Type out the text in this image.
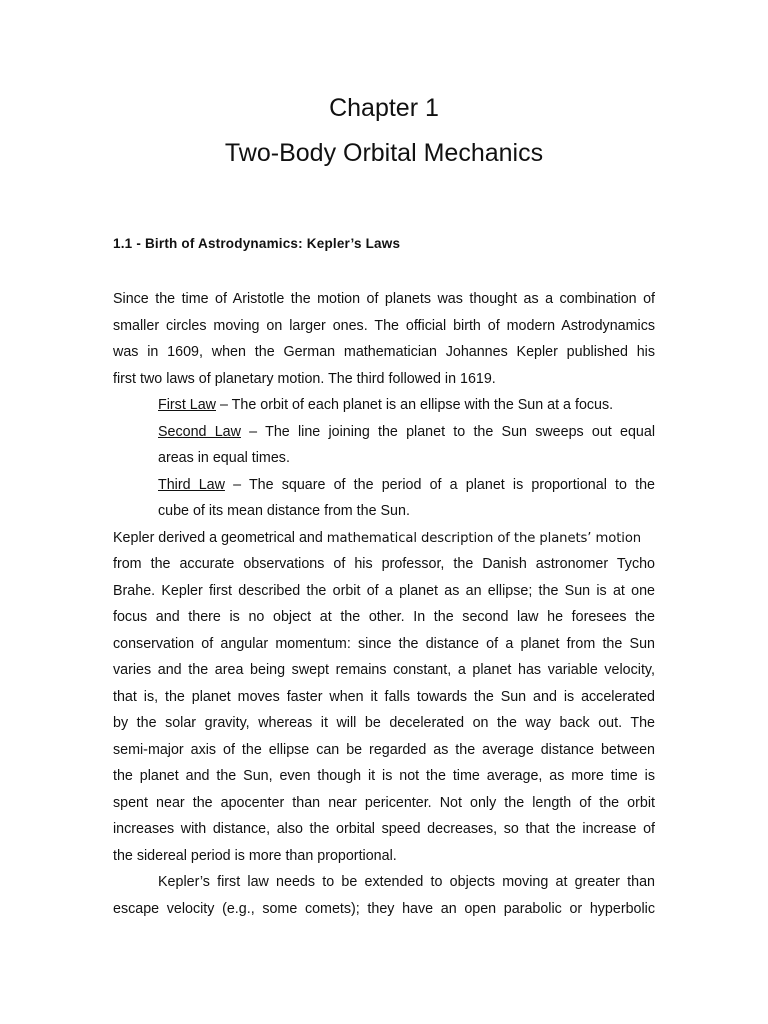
Chapter 1
Two-Body Orbital Mechanics
1.1 - Birth of Astrodynamics: Kepler’s Laws
Since the time of Aristotle the motion of planets was thought as a combination of
smaller circles moving on larger ones. The official birth of modern Astrodynamics
was in 1609, when the German mathematician Johannes Kepler published his
first two laws of planetary motion. The third followed in 1619.
First Law – The orbit of each planet is an ellipse with the Sun at a focus.
Second Law – The line joining the planet to the Sun sweeps out equal
areas in equal times.
Third Law – The square of the period of a planet is proportional to the
cube of its mean distance from the Sun.
Kepler derived a geometrical and mathematical description of the planets’ motion
from the accurate observations of his professor, the Danish astronomer Tycho
Brahe. Kepler first described the orbit of a planet as an ellipse; the Sun is at one
focus and there is no object at the other. In the second law he foresees the
conservation of angular momentum: since the distance of a planet from the Sun
varies and the area being swept remains constant, a planet has variable velocity,
that is, the planet moves faster when it falls towards the Sun and is accelerated
by the solar gravity, whereas it will be decelerated on the way back out. The
semi-major axis of the ellipse can be regarded as the average distance between
the planet and the Sun, even though it is not the time average, as more time is
spent near the apocenter than near pericenter. Not only the length of the orbit
increases with distance, also the orbital speed decreases, so that the increase of
the sidereal period is more than proportional.
Kepler’s first law needs to be extended to objects moving at greater than
escape velocity (e.g., some comets); they have an open parabolic or hyperbolic
